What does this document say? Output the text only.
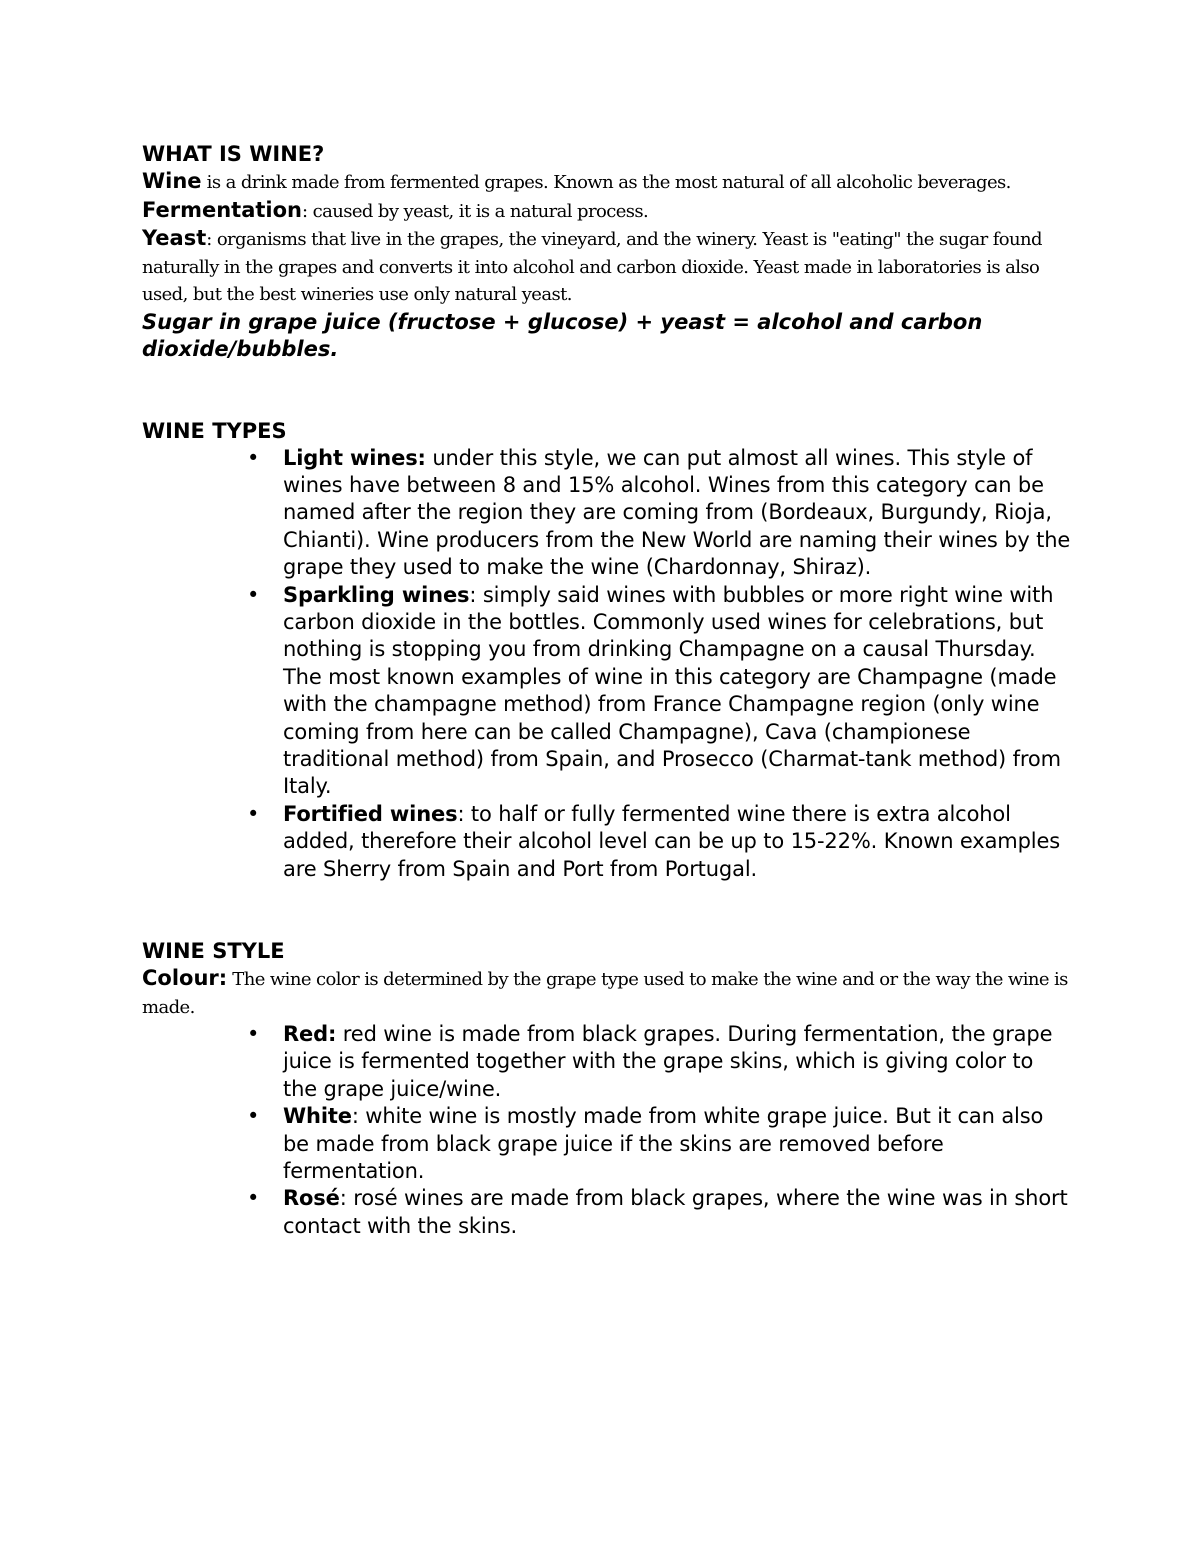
WHAT IS WINE?

Wine is a drink made from fermented grapes. Known as the most natural of all alcoholic beverages.

Fermentation: caused by yeast, it is a natural process.

Yeast: organisms that live in the grapes, the vineyard, and the winery. Yeast is "eating" the sugar found naturally in the grapes and converts it into alcohol and carbon dioxide. Yeast made in laboratories is also used, but the best wineries use only natural yeast.

Sugar in grape juice (fructose + glucose) + yeast = alcohol and carbon dioxide/bubbles.

WINE TYPES
• Light wines: under this style, we can put almost all wines. This style of wines have between 8 and 15% alcohol. Wines from this category can be named after the region they are coming from (Bordeaux, Burgundy, Rioja, Chianti). Wine producers from the New World are naming their wines by the grape they used to make the wine (Chardonnay, Shiraz).
• Sparkling wines: simply said wines with bubbles or more right wine with carbon dioxide in the bottles. Commonly used wines for celebrations, but nothing is stopping you from drinking Champagne on a causal Thursday. The most known examples of wine in this category are Champagne (made with the champagne method) from France Champagne region (only wine coming from here can be called Champagne), Cava (championese traditional method) from Spain, and Prosecco (Charmat-tank method) from Italy.
• Fortified wines: to half or fully fermented wine there is extra alcohol added, therefore their alcohol level can be up to 15-22%. Known examples are Sherry from Spain and Port from Portugal.
WINE STYLE

Colour: The wine color is determined by the grape type used to make the wine and or the way the wine is made.

• Red: red wine is made from black grapes. During fermentation, the grape juice is fermented together with the grape skins, which is giving color to the grape juice/wine.
• White: white wine is mostly made from white grape juice. But it can also be made from black grape juice if the skins are removed before fermentation.
• Rosé: rosé wines are made from black grapes, where the wine was in short contact with the skins.
